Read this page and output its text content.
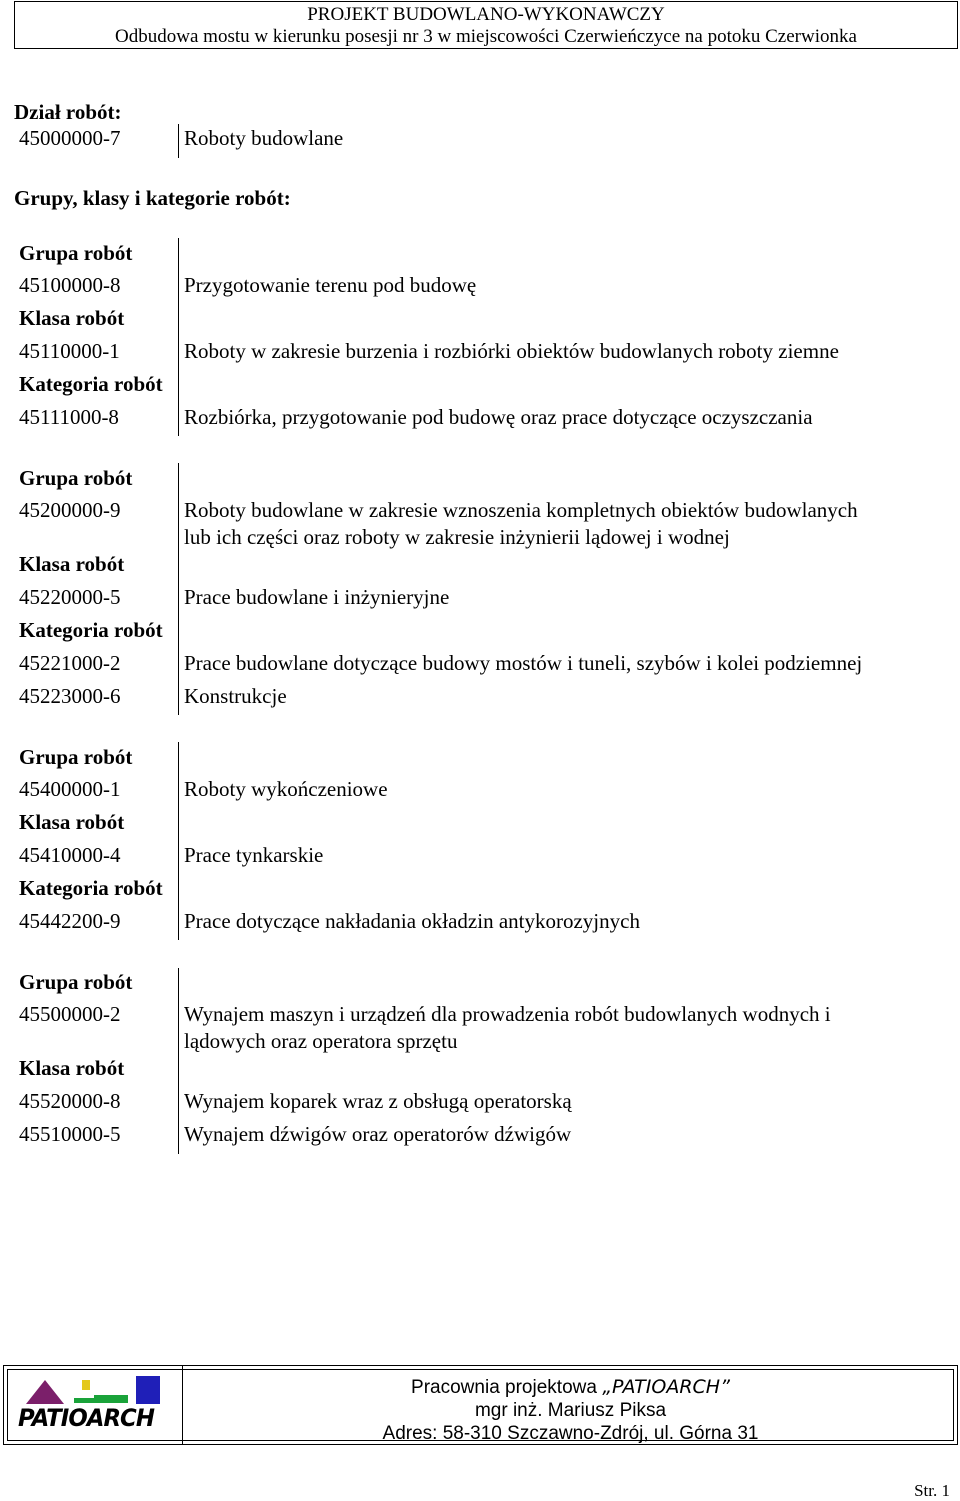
PROJEKT BUDOWLANO-WYKONAWCZY
Odbudowa mostu w kierunku posesji nr 3 w miejscowości Czerwieńczyce na potoku Czerwionka
Dział robót:
45000000-7	Roboty budowlane
Grupy, klasy i kategorie robót:
Grupa robót
45100000-8	Przygotowanie terenu pod budowę
Klasa robót
45110000-1	Roboty w zakresie burzenia i rozbiórki obiektów budowlanych roboty ziemne
Kategoria robót
45111000-8	Rozbiórka, przygotowanie pod budowę oraz prace dotyczące oczyszczania
Grupa robót
45200000-9	Roboty budowlane w zakresie wznoszenia kompletnych obiektów budowlanych
lub ich części oraz roboty w zakresie inżynierii lądowej i wodnej
Klasa robót
45220000-5	Prace budowlane i inżynieryjne
Kategoria robót
45221000-2	Prace budowlane dotyczące budowy mostów i tuneli, szybów i kolei podziemnej
45223000-6	Konstrukcje
Grupa robót
45400000-1	Roboty wykończeniowe
Klasa robót
45410000-4	Prace tynkarskie
Kategoria robót
45442200-9	Prace dotyczące nakładania okładzin antykorozyjnych
Grupa robót
45500000-2	Wynajem maszyn i urządzeń dla prowadzenia robót budowlanych wodnych i
lądowych oraz operatora sprzętu
Klasa robót
45520000-8	Wynajem koparek wraz z obsługą operatorską
45510000-5	Wynajem dźwigów oraz operatorów dźwigów
Pracownia projektowa „PATIOARCH”
mgr inż. Mariusz Piksa
Adres: 58-310 Szczawno-Zdrój, ul. Górna 31
PATIOARCH
Str. 1
